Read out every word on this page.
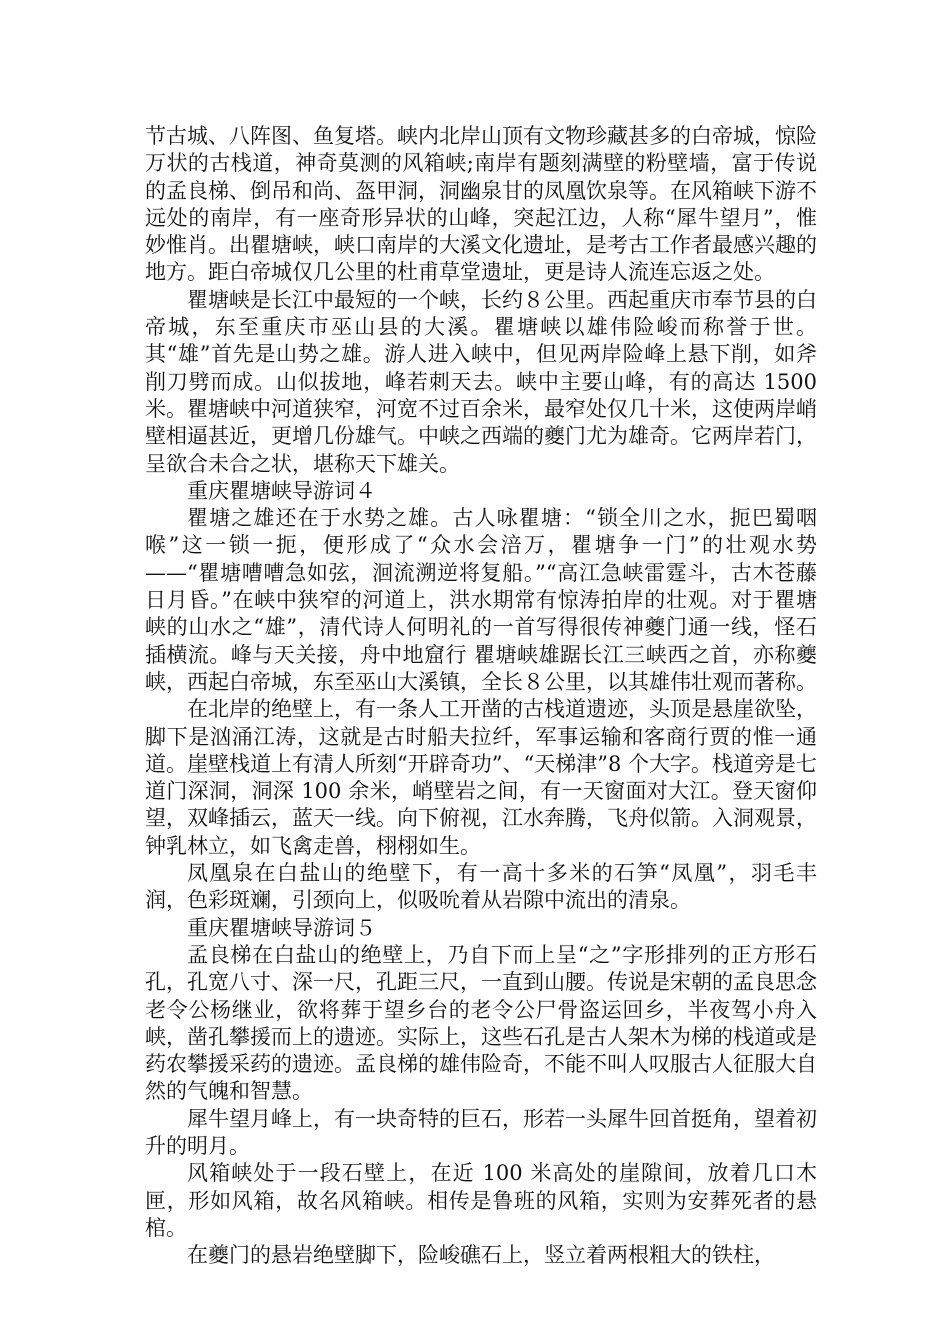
节古城、八阵图、鱼复塔。峡内北岸山顶有文物珍藏甚多的白帝城，惊险万状的古栈道，神奇莫测的风箱峡;南岸有题刻满壁的粉壁墙，富于传说的孟良梯、倒吊和尚、盔甲洞，洞幽泉甘的凤凰饮泉等。在风箱峡下游不远处的南岸，有一座奇形异状的山峰，突起江边，人称“犀牛望月”，惟妙惟肖。出瞿塘峡，峡口南岸的大溪文化遗址，是考古工作者最感兴趣的地方。距白帝城仅几公里的杜甫草堂遗址，更是诗人流连忘返之处。

瞿塘峡是长江中最短的一个峡，长约８公里。西起重庆市奉节县的白帝城，东至重庆市巫山县的大溪。瞿塘峡以雄伟险峻而称誉于世。其“雄”首先是山势之雄。游人进入峡中，但见两岸险峰上悬下削，如斧削刀劈而成。山似拔地，峰若刺天去。峡中主要山峰，有的高达 1500 米。瞿塘峡中河道狭窄，河宽不过百余米，最窄处仅几十米，这使两岸峭壁相逼甚近，更增几份雄气。中峡之西端的夔门尤为雄奇。它两岸若门，呈欲合未合之状，堪称天下雄关。

重庆瞿塘峡导游词４

瞿塘之雄还在于水势之雄。古人咏瞿塘：“锁全川之水，扼巴蜀咽喉”这一锁一扼，便形成了“众水会涪万，瞿塘争一门”的壮观水势——“瞿塘嘈嘈急如弦，洄流溯逆将复船。”“高江急峡雷霆斗，古木苍藤日月昏。”在峡中狭窄的河道上，洪水期常有惊涛拍岸的壮观。对于瞿塘峡的山水之“雄”，清代诗人何明礼的一首写得很传神夔门通一线，怪石插横流。峰与天关接，舟中地窟行 瞿塘峡雄踞长江三峡西之首，亦称夔峡，西起白帝城，东至巫山大溪镇，全长８公里，以其雄伟壮观而著称。

在北岸的绝壁上，有一条人工开凿的古栈道遗迹，头顶是悬崖欲坠，脚下是汹涌江涛，这就是古时船夫拉纤，军事运输和客商行贾的惟一通道。崖壁栈道上有清人所刻“开辟奇功”、“天梯津”8 个大字。栈道旁是七道门深洞，洞深 100 余米，峭壁岩之间，有一天窗面对大江。登天窗仰望，双峰插云，蓝天一线。向下俯视，江水奔腾，飞舟似箭。入洞观景，钟乳林立，如飞禽走兽，栩栩如生。

凤凰泉在白盐山的绝壁下，有一高十多米的石笋“凤凰”，羽毛丰润，色彩斑斓，引颈向上，似吸吮着从岩隙中流出的清泉。

重庆瞿塘峡导游词５

孟良梯在白盐山的绝壁上，乃自下而上呈“之”字形排列的正方形石孔，孔宽八寸、深一尺，孔距三尺，一直到山腰。传说是宋朝的孟良思念老令公杨继业，欲将葬于望乡台的老令公尸骨盗运回乡，半夜驾小舟入峡，凿孔攀援而上的遗迹。实际上，这些石孔是古人架木为梯的栈道或是药农攀援采药的遗迹。孟良梯的雄伟险奇，不能不叫人叹服古人征服大自然的气魄和智慧。

犀牛望月峰上，有一块奇特的巨石，形若一头犀牛回首挺角，望着初升的明月。

风箱峡处于一段石壁上，在近 100 米高处的崖隙间，放着几口木匣，形如风箱，故名风箱峡。相传是鲁班的风箱，实则为安葬死者的悬棺。

在夔门的悬岩绝壁脚下，险峻礁石上，竖立着两根粗大的铁柱，
